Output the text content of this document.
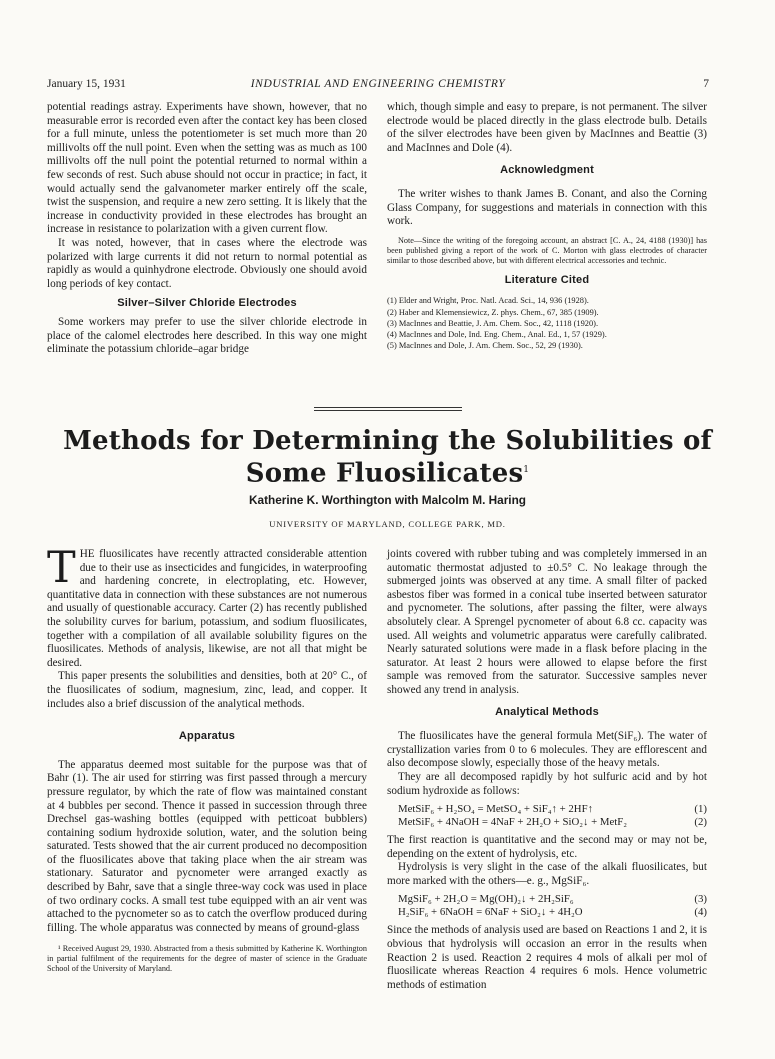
January 15, 1931	INDUSTRIAL AND ENGINEERING CHEMISTRY	7

potential readings astray. Experiments have shown, however, that no measurable error is recorded even after the contact key has been closed for a full minute, unless the potentiometer is set much more than 20 millivolts off the null point. Even when the setting was as much as 100 millivolts off the null point the potential returned to normal within a few seconds of rest. Such abuse should not occur in practice; in fact, it would actually send the galvanometer marker entirely off the scale, twist the suspension, and require a new zero setting. It is likely that the increase in conductivity provided in these electrodes has brought an increase in resistance to polarization with a given current flow.

It was noted, however, that in cases where the electrode was polarized with large currents it did not return to normal potential as rapidly as would a quinhydrone electrode. Obviously one should avoid long periods of key contact.

Silver–Silver Chloride Electrodes

Some workers may prefer to use the silver chloride electrode in place of the calomel electrodes here described. In this way one might eliminate the potassium chloride–agar bridge

which, though simple and easy to prepare, is not permanent. The silver electrode would be placed directly in the glass electrode bulb. Details of the silver electrodes have been given by MacInnes and Beattie (3) and MacInnes and Dole (4).

Acknowledgment

The writer wishes to thank James B. Conant, and also the Corning Glass Company, for suggestions and materials in connection with this work.

Note—Since the writing of the foregoing account, an abstract [C. A., 24, 4188 (1930)] has been published giving a report of the work of C. Morton with glass electrodes of character similar to those described above, but with different electrical accessories and technic.

Literature Cited
(1) Elder and Wright, Proc. Natl. Acad. Sci., 14, 936 (1928).
(2) Haber and Klemensiewicz, Z. phys. Chem., 67, 385 (1909).
(3) MacInnes and Beattie, J. Am. Chem. Soc., 42, 1118 (1920).
(4) MacInnes and Dole, Ind. Eng. Chem., Anal. Ed., 1, 57 (1929).
(5) MacInnes and Dole, J. Am. Chem. Soc., 52, 29 (1930).
Methods for Determining the Solubilities of
Some Fluosilicates$^1$
Katherine K. Worthington with Malcolm M. Haring
UNIVERSITY OF MARYLAND, COLLEGE PARK, MD.

THE fluosilicates have recently attracted considerable attention due to their use as insecticides and fungicides, in waterproofing and hardening concrete, in electroplating, etc. However, quantitative data in connection with these substances are not numerous and usually of questionable accuracy. Carter (2) has recently published the solubility curves for barium, potassium, and sodium fluosilicates, together with a compilation of all available solubility figures on the fluosilicates. Methods of analysis, likewise, are not all that might be desired.

This paper presents the solubilities and densities, both at 20° C., of the fluosilicates of sodium, magnesium, zinc, lead, and copper. It includes also a brief discussion of the analytical methods.

Apparatus

The apparatus deemed most suitable for the purpose was that of Bahr (1). The air used for stirring was first passed through a mercury pressure regulator, by which the rate of flow was maintained constant at 4 bubbles per second. Thence it passed in succession through three Drechsel gas-washing bottles (equipped with petticoat bubblers) containing sodium hydroxide solution, water, and the solution being saturated. Tests showed that the air current produced no decomposition of the fluosilicates above that taking place when the air stream was stationary. Saturator and pycnometer were arranged exactly as described by Bahr, save that a single three-way cock was used in place of two ordinary cocks. A small test tube equipped with an air vent was attached to the pycnometer so as to catch the overflow produced during filling. The whole apparatus was connected by means of ground-glass

¹ Received August 29, 1930. Abstracted from a thesis submitted by Katherine K. Worthington in partial fulfilment of the requirements for the degree of master of science in the Graduate School of the University of Maryland.

joints covered with rubber tubing and was completely immersed in an automatic thermostat adjusted to ±0.5° C. No leakage through the submerged joints was observed at any time. A small filter of packed asbestos fiber was formed in a conical tube inserted between saturator and pycnometer. The solutions, after passing the filter, were always absolutely clear. A Sprengel pycnometer of about 6.8 cc. capacity was used. All weights and volumetric apparatus were carefully calibrated. Nearly saturated solutions were made in a flask before placing in the saturator. At least 2 hours were allowed to elapse before the first sample was removed from the saturator. Successive samples never showed any trend in analysis.

Analytical Methods

The fluosilicates have the general formula Met(SiF₆). The water of crystallization varies from 0 to 6 molecules. They are efflorescent and also decompose slowly, especially those of the heavy metals.

They are all decomposed rapidly by hot sulfuric acid and by hot sodium hydroxide as follows:

MetSiF₆ + H₂SO₄ = MetSO₄ + SiF₄↑ + 2HF↑	(1)
MetSiF₆ + 4NaOH = 4NaF + 2H₂O + SiO₂↓ + MetF₂	(2)

The first reaction is quantitative and the second may or may not be, depending on the extent of hydrolysis, etc.

Hydrolysis is very slight in the case of the alkali fluosilicates, but more marked with the others—e. g., MgSiF₆.

MgSiF₆ + 2H₂O = Mg(OH)₂↓ + 2H₂SiF₆	(3)
H₂SiF₆ + 6NaOH = 6NaF + SiO₂↓ + 4H₂O	(4)

Since the methods of analysis used are based on Reactions 1 and 2, it is obvious that hydrolysis will occasion an error in the results when Reaction 2 is used. Reaction 2 requires 4 mols of alkali per mol of fluosilicate whereas Reaction 4 requires 6 mols. Hence volumetric methods of estimation
